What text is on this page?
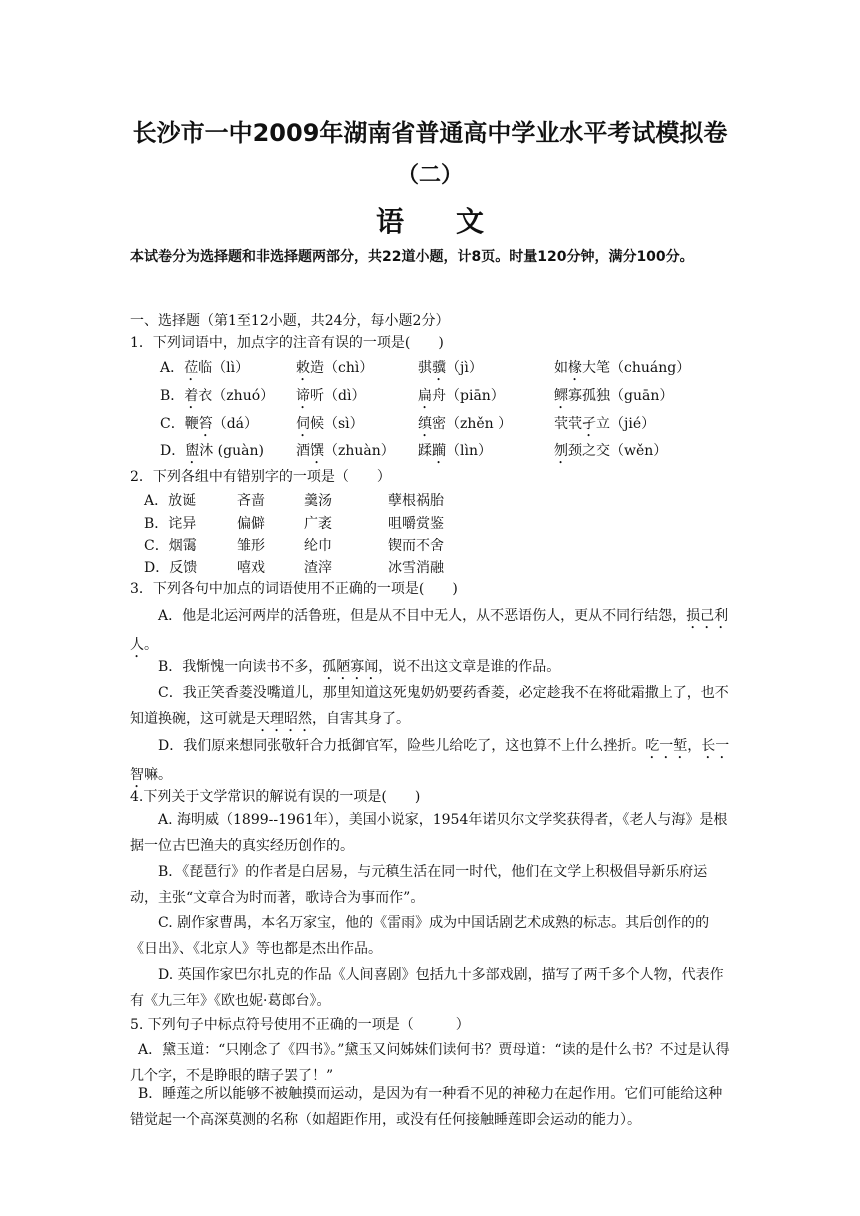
长沙市一中2009年湖南省普通高中学业水平考试模拟卷
（二）
语文
本试卷分为选择题和非选择题两部分，共22道小题，计8页。时量120分钟，满分100分。
一、选择题（第1至12小题，共24分，每小题2分）
1．下列词语中，加点字的注音有误的一项是(　　)
A．莅临（lì）	敕造（chì）	骐骥（jì）	如椽大笔（chuáng）
B．着衣（zhuó） 谛听（dì）	扁舟（piān）	鳏寡孤独（guān）
C．鞭笞（dá）	伺候（sì）	缜密（zhěn ）	茕茕孑立（jié）
D．盥沐 (guàn) 酒馔（zhuàn） 蹂躏（lìn）	刎颈之交（wěn）
2．下列各组中有错别字的一项是（　　）
A．放诞	吝啬	羹汤	孽根祸胎
B．诧异	偏僻	广袤	咀嚼赏鉴
C．烟霭	雏形	纶巾	锲而不舍
D．反馈	嘻戏	渣滓	冰雪消融
3．下列各句中加点的词语使用不正确的一项是(　　)
A．他是北运河两岸的活鲁班，但是从不目中无人，从不恶语伤人，更从不同行结怨，损己利人。
B．我惭愧一向读书不多，孤陋寡闻，说不出这文章是谁的作品。
C．我正笑香菱没嘴道儿，那里知道这死鬼奶奶要药香菱，必定趁我不在将砒霜撒上了，也不知道换碗，这可就是天理昭然，自害其身了。
D．我们原来想同张敬轩合力抵御官军，险些儿给吃了，这也算不上什么挫折。吃一堑，长一智嘛。
4.下列关于文学常识的解说有误的一项是(　　)
A. 海明威（1899--1961年），美国小说家，1954年诺贝尔文学奖获得者，《老人与海》是根据一位古巴渔夫的真实经历创作的。
B．《琵琶行》的作者是白居易，与元稹生活在同一时代，他们在文学上积极倡导新乐府运动，主张“文章合为时而著，歌诗合为事而作”。
C. 剧作家曹禺，本名万家宝，他的《雷雨》成为中国话剧艺术成熟的标志。其后创作的的《日出》、《北京人》等也都是杰出作品。
D. 英国作家巴尔扎克的作品《人间喜剧》包括九十多部戏剧，描写了两千多个人物，代表作有《九三年》《欧也妮·葛郎台》。
5. 下列句子中标点符号使用不正确的一项是（　　　）
A．黛玉道：“只刚念了《四书》。”黛玉又问姊妹们读何书？贾母道：“读的是什么书？不过是认得几个字，不是睁眼的瞎子罢了！”
B．睡莲之所以能够不被触摸而运动，是因为有一种看不见的神秘力在起作用。它们可能给这种错觉起一个高深莫测的名称（如超距作用，或没有任何接触睡莲即会运动的能力）。
